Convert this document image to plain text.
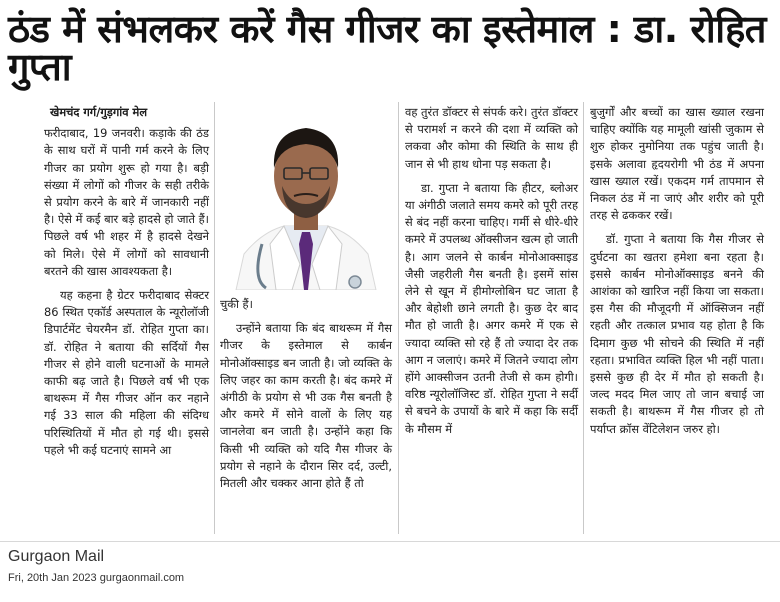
ठंड में संभलकर करें गैस गीजर का इस्तेमाल : डा. रोहित गुप्ता
खेमचंद गर्ग/गुड़गांव मेल

फरीदाबाद, 19 जनवरी। कड़ाके की ठंड के साथ घरों में पानी गर्म करने के लिए गीजर का प्रयोग शुरू हो गया है। बड़ी संख्या में लोगों को गीजर के सही तरीके से प्रयोग करने के बारे में जानकारी नहीं है। ऐसे में कई बार बड़े हादसे हो जाते हैं। पिछले वर्ष भी शहर में है हादसे देखने को मिले। ऐसे में लोगों को सावधानी बरतने की खास आवश्यकता है।

यह कहना है ग्रेटर फरीदाबाद सेक्टर 86 स्थित एकॉर्ड अस्पताल के न्यूरोलॉजी डिपार्टमेंट चेयरमैन डॉ. रोहित गुप्ता का। डॉ. रोहित ने बताया की सर्दियों गैस गीजर से होने वाली घटनाओं के मामले काफी बढ़ जाते है। पिछले वर्ष भी एक बाथरूम में गैस गीजर ऑन कर नहाने गई 33 साल की महिला की संदिग्ध परिस्थितियों में मौत हो गई थी। इससे पहले भी कई घटनाएं सामने आ

चुकी हैं।

उन्होंने बताया कि बंद बाथरूम में गैस गीजर के इस्तेमाल से कार्बन मोनोऑक्साइड बन जाती है। जो व्यक्ति के लिए जहर का काम करती है। बंद कमरे में अंगीठी के प्रयोग से भी उक गैस बनती है और कमरे में सोने वालों के लिए यह जानलेवा बन जाती है। उन्होंने कहा कि किसी भी व्यक्ति को यदि गैस गीजर के प्रयोग से नहाने के दौरान सिर दर्द, उल्टी, मितली और चक्कर आना होते हैं तो

वह तुरंत डॉक्टर से संपर्क करे। तुरंत डॉक्टर से परामर्श न करने की दशा में व्यक्ति को लकवा और कोमा की स्थिति के साथ ही जान से भी हाथ धोना पड़ सकता है।

डा. गुप्ता ने बताया कि हीटर, ब्लोअर या अंगीठी जलाते समय कमरे को पूरी तरह से बंद नहीं करना चाहिए। गर्मी से धीरे-धीरे कमरे में उपलब्ध ऑक्सीजन खत्म हो जाती है। आग जलने से कार्बन मोनोआक्साइड जैसी जहरीली गैस बनती है। इसमें सांस लेने से खून में हीमोग्लोबिन घट जाता है और बेहोशी छाने लगती है। कुछ देर बाद मौत हो जाती है। अगर कमरे में एक से ज्यादा व्यक्ति सो रहे हैं तो ज्यादा देर तक आग न जलाएं। कमरे में जितने ज्यादा लोग होंगे आक्सीजन उतनी तेजी से कम होगी। वरिष्ठ न्यूरोलॉजिस्ट डॉ. रोहित गुप्ता ने सर्दी से बचने के उपायों के बारे में कहा कि सर्दी के मौसम में

बुजुर्गों और बच्चों का खास ख्याल रखना चाहिए क्योंकि यह मामूली खांसी जुकाम से शुरु होकर नुमोनिया तक पहुंच जाती है। इसके अलावा हृदयरोगी भी ठंड में अपना खास ख्याल रखें। एकदम गर्म तापमान से निकल ठंड में ना जाएं और शरीर को पूरी तरह से ढककर रखें।

डॉ. गुप्ता ने बताया कि गैस गीजर से दुर्घटना का खतरा हमेशा बना रहता है। इससे कार्बन मोनोऑक्साइड बनने की आशंका को खारिज नहीं किया जा सकता। इस गैस की मौजूदगी में ऑक्सिजन नहीं रहती और तत्काल प्रभाव यह होता है कि दिमाग कुछ भी सोचने की स्थिति में नहीं रहता। प्रभावित व्यक्ति हिल भी नहीं पाता। इससे कुछ ही देर में मौत हो सकती है। जल्द मदद मिल जाए तो जान बचाई जा सकती है। बाथरूम में गैस गीजर हो तो पर्याप्त क्रॉस वेंटिलेशन जरुर हो।

Gurgaon Mail
Fri, 20th Jan 2023 gurgaonmail.com
